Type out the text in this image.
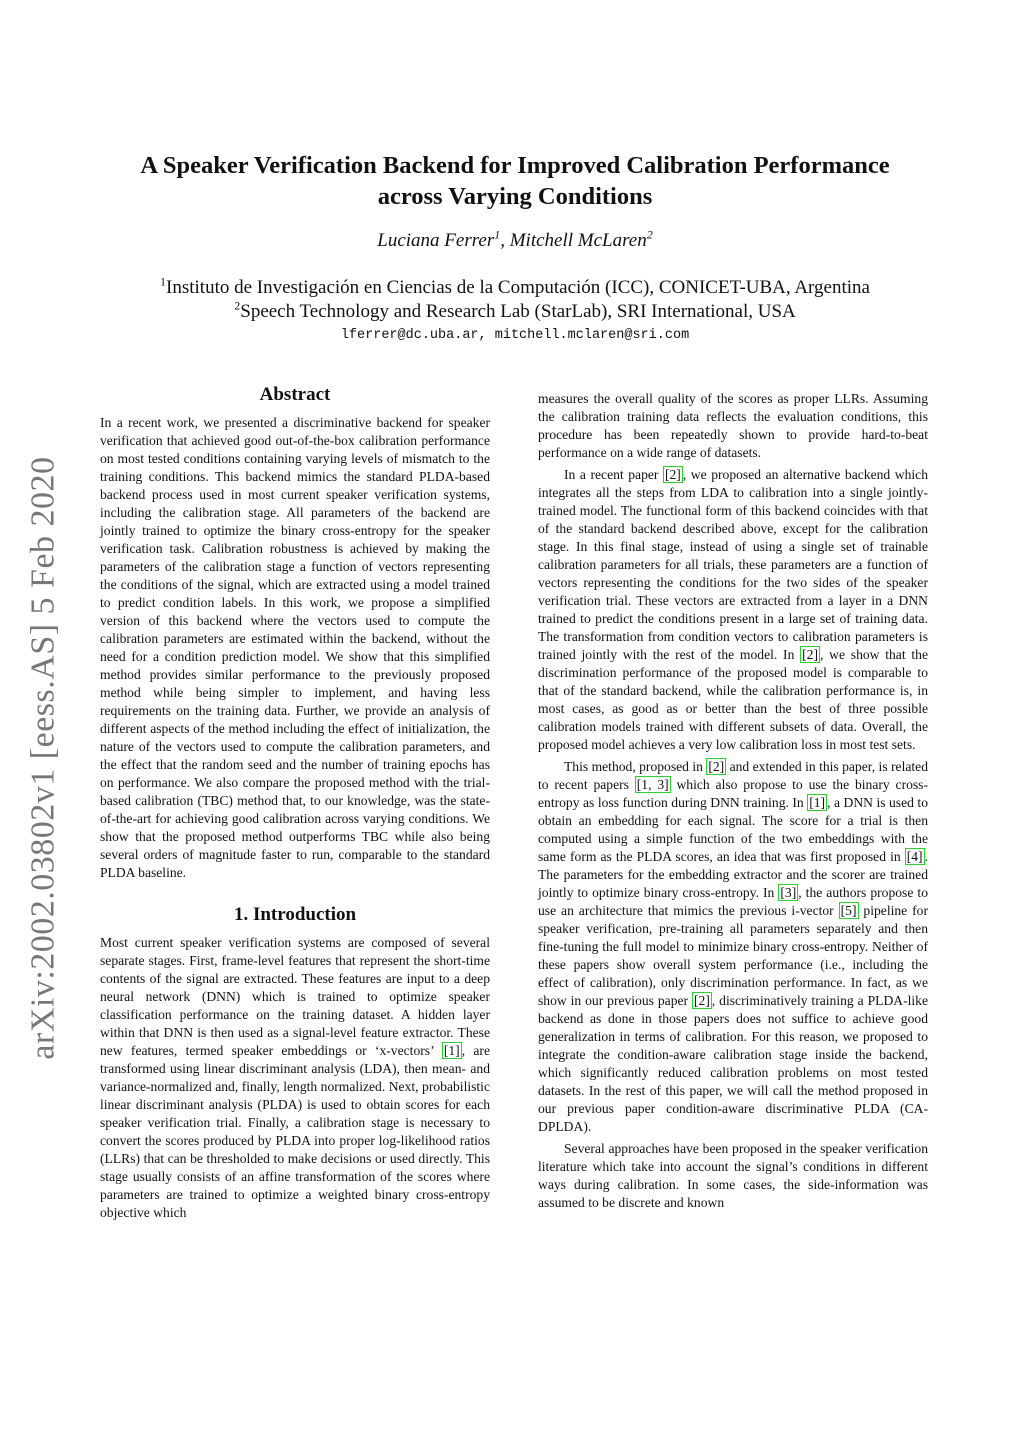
arXiv:2002.03802v1 [eess.AS] 5 Feb 2020
A Speaker Verification Backend for Improved Calibration Performance
across Varying Conditions
Luciana Ferrer$^1$, Mitchell McLaren$^2$
$^1$Instituto de Investigación en Ciencias de la Computación (ICC), CONICET-UBA, Argentina
$^2$Speech Technology and Research Lab (StarLab), SRI International, USA
lferrer@dc.uba.ar, mitchell.mclaren@sri.com
Abstract

In a recent work, we presented a discriminative backend for speaker verification that achieved good out-of-the-box calibration performance on most tested conditions containing varying levels of mismatch to the training conditions. This backend mimics the standard PLDA-based backend process used in most current speaker verification systems, including the calibration stage. All parameters of the backend are jointly trained to optimize the binary cross-entropy for the speaker verification task. Calibration robustness is achieved by making the parameters of the calibration stage a function of vectors representing the conditions of the signal, which are extracted using a model trained to predict condition labels. In this work, we propose a simplified version of this backend where the vectors used to compute the calibration parameters are estimated within the backend, without the need for a condition prediction model. We show that this simplified method provides similar performance to the previously proposed method while being simpler to implement, and having less requirements on the training data. Further, we provide an analysis of different aspects of the method including the effect of initialization, the nature of the vectors used to compute the calibration parameters, and the effect that the random seed and the number of training epochs has on performance. We also compare the proposed method with the trial-based calibration (TBC) method that, to our knowledge, was the state-of-the-art for achieving good calibration across varying conditions. We show that the proposed method outperforms TBC while also being several orders of magnitude faster to run, comparable to the standard PLDA baseline.

1. Introduction

Most current speaker verification systems are composed of several separate stages. First, frame-level features that represent the short-time contents of the signal are extracted. These features are input to a deep neural network (DNN) which is trained to optimize speaker classification performance on the training dataset. A hidden layer within that DNN is then used as a signal-level feature extractor. These new features, termed speaker embeddings or ‘x-vectors’ [1] , are transformed using linear discriminant analysis (LDA), then mean- and variance-normalized and, finally, length normalized. Next, probabilistic linear discriminant analysis (PLDA) is used to obtain scores for each speaker verification trial. Finally, a calibration stage is necessary to convert the scores produced by PLDA into proper log-likelihood ratios (LLRs) that can be thresholded to make decisions or used directly. This stage usually consists of an affine transformation of the scores where parameters are trained to optimize a weighted binary cross-entropy objective which

measures the overall quality of the scores as proper LLRs. Assuming the calibration training data reflects the evaluation conditions, this procedure has been repeatedly shown to provide hard-to-beat performance on a wide range of datasets.

In a recent paper [2] , we proposed an alternative backend which integrates all the steps from LDA to calibration into a single jointly-trained model. The functional form of this backend coincides with that of the standard backend described above, except for the calibration stage. In this final stage, instead of using a single set of trainable calibration parameters for all trials, these parameters are a function of vectors representing the conditions for the two sides of the speaker verification trial. These vectors are extracted from a layer in a DNN trained to predict the conditions present in a large set of training data. The transformation from condition vectors to calibration parameters is trained jointly with the rest of the model. In [2] , we show that the discrimination performance of the proposed model is comparable to that of the standard backend, while the calibration performance is, in most cases, as good as or better than the best of three possible calibration models trained with different subsets of data. Overall, the proposed model achieves a very low calibration loss in most test sets.

This method, proposed in [2] and extended in this paper, is related to recent papers [1, 3] which also propose to use the binary cross-entropy as loss function during DNN training. In [1] , a DNN is used to obtain an embedding for each signal. The score for a trial is then computed using a simple function of the two embeddings with the same form as the PLDA scores, an idea that was first proposed in [4] . The parameters for the embedding extractor and the scorer are trained jointly to optimize binary cross-entropy. In [3] , the authors propose to use an architecture that mimics the previous i-vector [5] pipeline for speaker verification, pre-training all parameters separately and then fine-tuning the full model to minimize binary cross-entropy. Neither of these papers show overall system performance (i.e., including the effect of calibration), only discrimination performance. In fact, as we show in our previous paper [2] , discriminatively training a PLDA-like backend as done in those papers does not suffice to achieve good generalization in terms of calibration. For this reason, we proposed to integrate the condition-aware calibration stage inside the backend, which significantly reduced calibration problems on most tested datasets. In the rest of this paper, we will call the method proposed in our previous paper condition-aware discriminative PLDA (CA-DPLDA).

Several approaches have been proposed in the speaker verification literature which take into account the signal’s conditions in different ways during calibration. In some cases, the side-information was assumed to be discrete and known
